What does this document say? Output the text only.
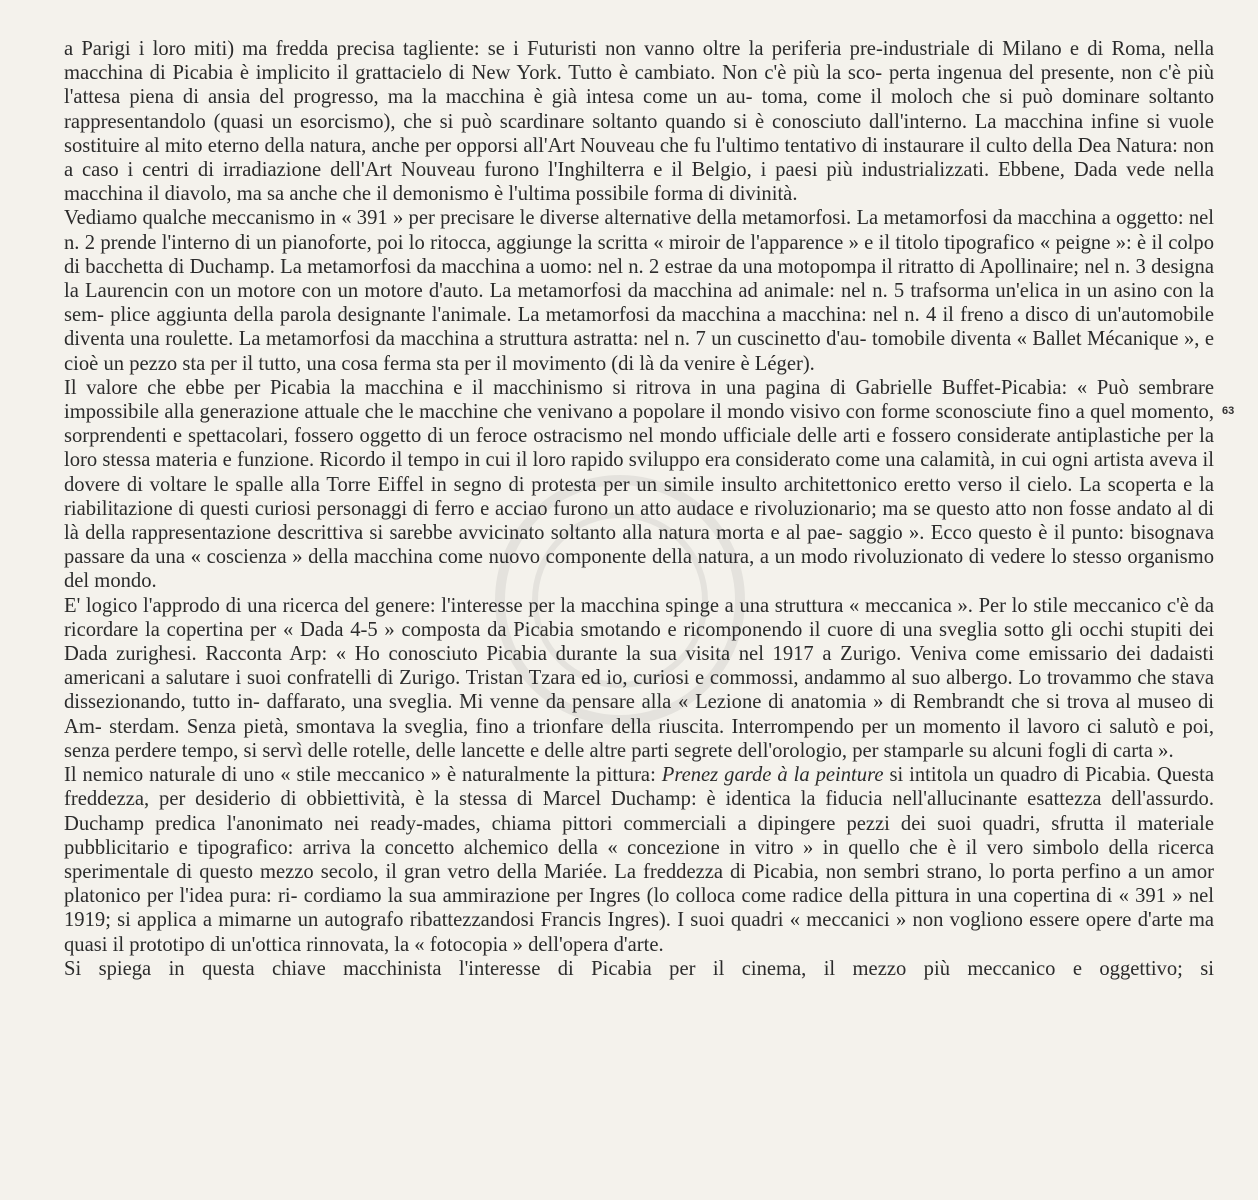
a Parigi i loro miti) ma fredda precisa tagliente: se i Futuristi non vanno oltre la periferia pre-industriale di Milano e di Roma, nella macchina di Picabia è implicito il grattacielo di New York. Tutto è cambiato. Non c'è più la sco- perta ingenua del presente, non c'è più l'attesa piena di ansia del progresso, ma la macchina è già intesa come un au- toma, come il moloch che si può dominare soltanto rappresentandolo (quasi un esorcismo), che si può scardinare soltanto quando si è conosciuto dall'interno. La macchina infine si vuole sostituire al mito eterno della natura, anche per opporsi all'Art Nouveau che fu l'ultimo tentativo di instaurare il culto della Dea Natura: non a caso i centri di irradiazione dell'Art Nouveau furono l'Inghilterra e il Belgio, i paesi più industrializzati. Ebbene, Dada vede nella macchina il diavolo, ma sa anche che il demonismo è l'ultima possibile forma di divinità.

Vediamo qualche meccanismo in « 391 » per precisare le diverse alternative della metamorfosi. La metamorfosi da macchina a oggetto: nel n. 2 prende l'interno di un pianoforte, poi lo ritocca, aggiunge la scritta « miroir de l'apparence » e il titolo tipografico « peigne »: è il colpo di bacchetta di Duchamp. La metamorfosi da macchina a uomo: nel n. 2 estrae da una motopompa il ritratto di Apollinaire; nel n. 3 designa la Laurencin con un motore con un motore d'auto. La metamorfosi da macchina ad animale: nel n. 5 trafsorma un'elica in un asino con la sem- plice aggiunta della parola designante l'animale. La metamorfosi da macchina a macchina: nel n. 4 il freno a disco di un'automobile diventa una roulette. La metamorfosi da macchina a struttura astratta: nel n. 7 un cuscinetto d'au- tomobile diventa « Ballet Mécanique », e cioè un pezzo sta per il tutto, una cosa ferma sta per il movimento (di là da venire è Léger).

Il valore che ebbe per Picabia la macchina e il macchinismo si ritrova in una pagina di Gabrielle Buffet-Picabia: « Può sembrare impossibile alla generazione attuale che le macchine che venivano a popolare il mondo visivo con forme sconosciute fino a quel momento, sorprendenti e spettacolari, fossero oggetto di un feroce ostracismo nel mondo ufficiale delle arti e fossero considerate antiplastiche per la loro stessa materia e funzione. Ricordo il tempo in cui il loro rapido sviluppo era considerato come una calamità, in cui ogni artista aveva il dovere di voltare le spalle alla Torre Eiffel in segno di protesta per un simile insulto architettonico eretto verso il cielo. La scoperta e la riabilitazione di questi curiosi personaggi di ferro e acciao furono un atto audace e rivoluzionario; ma se questo atto non fosse andato al di là della rappresentazione descrittiva si sarebbe avvicinato soltanto alla natura morta e al pae- saggio ». Ecco questo è il punto: bisognava passare da una « coscienza » della macchina come nuovo componente della natura, a un modo rivoluzionato di vedere lo stesso organismo del mondo.

E' logico l'approdo di una ricerca del genere: l'interesse per la macchina spinge a una struttura « meccanica ». Per lo stile meccanico c'è da ricordare la copertina per « Dada 4-5 » composta da Picabia smotando e ricomponendo il cuore di una sveglia sotto gli occhi stupiti dei Dada zurighesi. Racconta Arp: « Ho conosciuto Picabia durante la sua visita nel 1917 a Zurigo. Veniva come emissario dei dadaisti americani a salutare i suoi confratelli di Zurigo. Tristan Tzara ed io, curiosi e commossi, andammo al suo albergo. Lo trovammo che stava dissezionando, tutto in- daffarato, una sveglia. Mi venne da pensare alla « Lezione di anatomia » di Rembrandt che si trova al museo di Am- sterdam. Senza pietà, smontava la sveglia, fino a trionfare della riuscita. Interrompendo per un momento il lavoro ci salutò e poi, senza perdere tempo, si servì delle rotelle, delle lancette e delle altre parti segrete dell'orologio, per stamparle su alcuni fogli di carta ».

Il nemico naturale di uno « stile meccanico » è naturalmente la pittura: Prenez garde à la peinture si intitola un quadro di Picabia. Questa freddezza, per desiderio di obbiettività, è la stessa di Marcel Duchamp: è identica la fiducia nell'allucinante esattezza dell'assurdo. Duchamp predica l'anonimato nei ready-mades, chiama pittori commerciali a dipingere pezzi dei suoi quadri, sfrutta il materiale pubblicitario e tipografico: arriva la concetto alchemico della « concezione in vitro » in quello che è il vero simbolo della ricerca sperimentale di questo mezzo secolo, il gran vetro della Mariée. La freddezza di Picabia, non sembri strano, lo porta perfino a un amor platonico per l'idea pura: ri- cordiamo la sua ammirazione per Ingres (lo colloca come radice della pittura in una copertina di « 391 » nel 1919; si applica a mimarne un autografo ribattezzandosi Francis Ingres). I suoi quadri « meccanici » non vogliono essere opere d'arte ma quasi il prototipo di un'ottica rinnovata, la « fotocopia » dell'opera d'arte.

Si spiega in questa chiave macchinista l'interesse di Picabia per il cinema, il mezzo più meccanico e oggettivo; si

63
